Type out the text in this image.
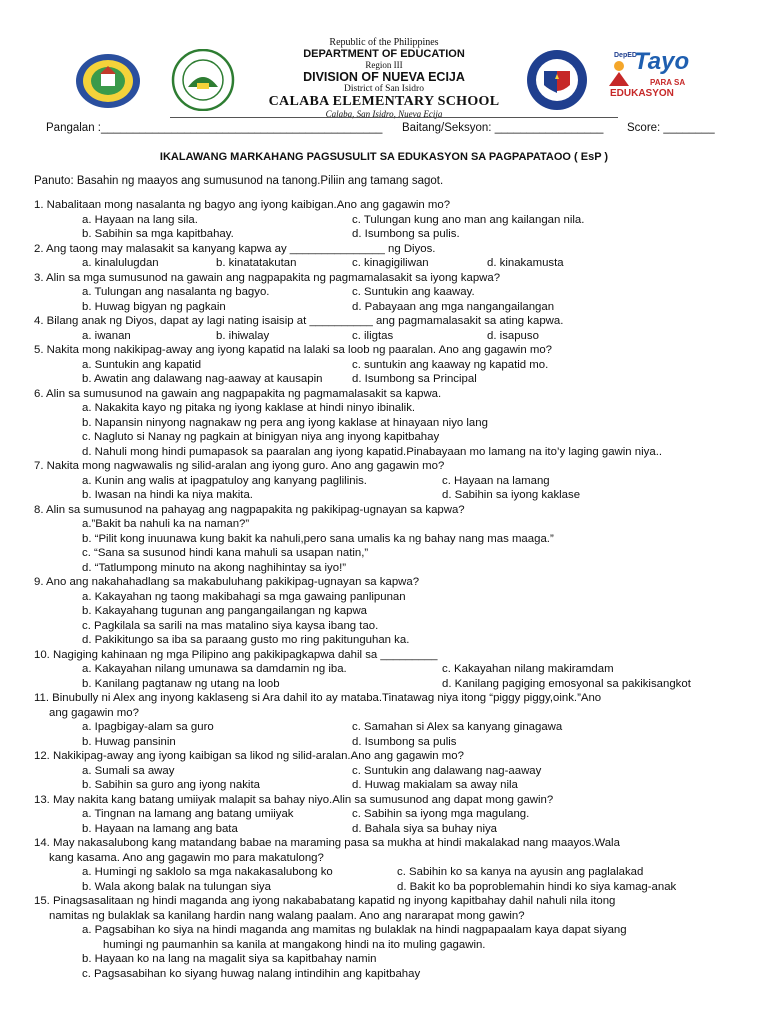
DepED
Tayo
PARA SA
EDUKASYON
Republic of the Philippines
DEPARTMENT OF EDUCATION
Region III
DIVISION OF NUEVA ECIJA
District of San Isidro
CALABA ELEMENTARY SCHOOL
Calaba, San Isidro, Nueva Ecija
Pangalan :____________________________________________ Baitang/Seksyon: _________________ Score: ________
IKALAWANG MARKAHANG PAGSUSULIT SA EDUKASYON SA PAGPAPATAOO ( EsP )
Panuto: Basahin ng maayos ang sumusunod na tanong.Piliin ang tamang sagot.
1. Nabalitaan mong nasalanta ng bagyo ang iyong kaibigan.Ano ang gagawin mo?
a. Hayaan na lang sila.	c. Tulungan kung ano man ang kailangan nila.
b. Sabihin sa mga kapitbahay.	d. Isumbong sa pulis.
2. Ang taong may malasakit sa kanyang kapwa ay _______________ ng Diyos.
a. kinalulugdan	b. kinatatakutan	c. kinagigiliwan	d. kinakamusta
3. Alin sa mga sumusunod na gawain ang nagpapakita ng pagmamalasakit sa iyong kapwa?
a. Tulungan ang nasalanta ng bagyo.	c. Suntukin ang kaaway.
b. Huwag bigyan ng pagkain	d. Pabayaan ang mga nangangailangan
4. Bilang anak ng Diyos, dapat ay lagi nating isaisip at __________ ang pagmamalasakit sa ating kapwa.
a. iwanan	b. ihiwalay	c. iligtas	d. isapuso
5. Nakita mong nakikipag-away ang iyong kapatid na lalaki sa loob ng paaralan. Ano ang gagawin mo?
a. Suntukin ang kapatid	c. suntukin ang kaaway ng kapatid mo.
b. Awatin ang dalawang nag-aaway at kausapin	d. Isumbong sa Principal
6. Alin sa sumusunod na gawain ang nagpapakita ng pagmamalasakit sa kapwa.
a. Nakakita kayo ng pitaka ng iyong kaklase at hindi ninyo ibinalik.
b. Napansin ninyong nagnakaw ng pera ang iyong kaklase at hinayaan niyo lang
c. Nagluto si Nanay ng pagkain at binigyan niya ang inyong kapitbahay
d. Nahuli mong hindi pumapasok sa paaralan ang iyong kapatid.Pinabayaan mo lamang na ito’y laging gawin niya..
7. Nakita mong nagwawalis ng silid-aralan ang iyong guro. Ano ang gagawin mo?
a. Kunin ang walis at ipagpatuloy ang kanyang paglilinis.	c. Hayaan na lamang
b. Iwasan na hindi ka niya makita.	d. Sabihin sa iyong kaklase
8. Alin sa sumusunod na pahayag ang nagpapakita ng pakikipag-ugnayan sa kapwa?
a.”Bakit ba nahuli ka na naman?”
b. “Pilit kong inuunawa kung bakit ka nahuli,pero sana umalis ka ng bahay nang mas maaga.”
c. “Sana sa susunod hindi kana mahuli sa usapan natin,”
d. “Tatlumpong minuto na akong naghihintay sa iyo!”
9. Ano ang nakahahadlang sa makabuluhang pakikipag-ugnayan sa kapwa?
a. Kakayahan ng taong makibahagi sa mga gawaing panlipunan
b. Kakayahang tugunan ang pangangailangan ng kapwa
c. Pagkilala sa sarili na mas matalino siya kaysa ibang tao.
d. Pakikitungo sa iba sa paraang gusto mo ring pakitunguhan ka.
10. Nagiging kahinaan ng mga Pilipino ang pakikipagkapwa dahil sa _________
a. Kakayahan nilang umunawa sa damdamin ng iba.	c. Kakayahan nilang makiramdam
b. Kanilang pagtanaw ng utang na loob	d. Kanilang pagiging emosyonal sa pakikisangkot
11. Binubully ni Alex ang inyong kaklaseng si Ara dahil ito ay mataba.Tinatawag niya itong “piggy piggy,oink.”Ano
ang gagawin mo?
a. Ipagbigay-alam sa guro	c. Samahan si Alex sa kanyang ginagawa
b. Huwag pansinin	d. Isumbong sa pulis
12. Nakikipag-away ang iyong kaibigan sa likod ng silid-aralan.Ano ang gagawin mo?
a. Sumali sa away	c. Suntukin ang dalawang nag-aaway
b. Sabihin sa guro ang iyong nakita	d. Huwag makialam sa away nila
13. May nakita kang batang umiiyak malapit sa bahay niyo.Alin sa sumusunod ang dapat mong gawin?
a. Tingnan na lamang ang batang umiiyak	c. Sabihin sa iyong mga magulang.
b. Hayaan na lamang ang bata	d. Bahala siya sa buhay niya
14. May nakasalubong kang matandang babae na maraming pasa sa mukha at hindi makalakad nang maayos.Wala
kang kasama. Ano ang gagawin mo para makatulong?
a. Humingi ng saklolo sa mga nakakasalubong ko	c. Sabihin ko sa kanya na ayusin ang paglalakad
b. Wala akong balak na tulungan siya	d. Bakit ko ba poproblemahin hindi ko siya kamag-anak
15. Pinagsasalitaan ng hindi maganda ang iyong nakababatang kapatid ng inyong kapitbahay dahil nahuli nila itong
namitas ng bulaklak sa kanilang hardin nang walang paalam. Ano ang nararapat mong gawin?
a. Pagsabihan ko siya na hindi maganda ang mamitas ng bulaklak na hindi nagpapaalam kaya dapat siyang
humingi ng paumanhin sa kanila at mangakong hindi na ito muling gagawin.
b. Hayaan ko na lang na magalit siya sa kapitbahay namin
c. Pagsasabihan ko siyang huwag nalang intindihin ang kapitbahay
